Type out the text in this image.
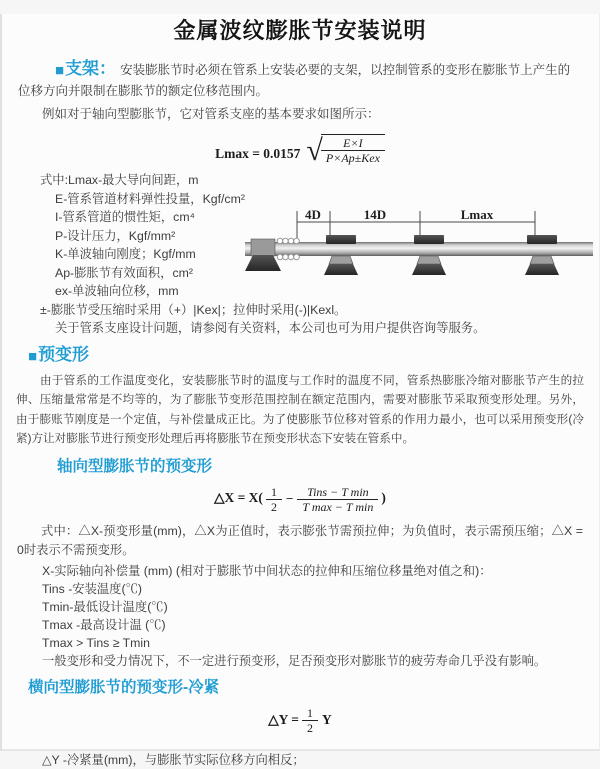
金属波纹膨胀节安装说明

■支架： 安装膨胀节时必须在管系上安装必要的支架，以控制管系的变形在膨胀节上产生的位移方向并限制在膨胀节的额定位移范围内。

例如对于轴向型膨胀节，它对管系支座的基本要求如图所示：

Lmax = 0.0157 √
$\frac{E\times I}{\text{P×Ap±Kex}}$

式中:Lmax-最大导向间距，m

E-管系管道材料弹性投量，Kgf/cm²

I-管系管道的惯性矩，cm⁴

P-设计压力，Kgf/mm²

K-单波轴向刚度；Kgf/mm

Ap-膨胀节有效面积，cm²

ex-单波轴向位移，mm

±-膨胀节受压缩时采用（+）|Kex|；拉伸时采用(-)|Kexl。

关于管系支座设计问题，请参阅有关资料，本公司也可为用户提供咨询等服务。

4D	14D	Lmax
■预变形

由于管系的工作温度变化，安装膨胀节时的温度与工作时的温度不同，管系热膨胀冷缩对膨胀节产生的拉伸、压缩量常常是不均等的，为了膨胀节变形范围控制在额定范围内，需要对膨胀节采取预变形处理。另外，由于膨账节刚度是一个定值，与补偿量成正比。为了使膨胀节位移对管系的作用力最小，也可以采用预变形(冷紧)方让对膨胀节进行预变形处理后再将膨胀节在预变形状态下安装在管系中。

轴向型膨胀节的预变形
△X = $X( \frac{1}{2} - \frac{\text{Tins − T min}}{\text{T max − T min}}$ )

式中：△X-预变形量(mm)，△X为正值时，表示膨张节需预拉伸；为负值时，表示需预压缩；△X = 0时表示不需预变形。

X-实际轴向补偿量 (mm) (相对于膨胀节中间状态的拉伸和压缩位移量绝对值之和)：

Tins -安装温度(℃)

Tmin-最低设计温度(℃)

Tmax -最高设计温 (℃)

Tmax > Tins ≥ Tmin

一般变形和受力情况下，不一定进行预变形，足否预变形对膨胀节的疲劳寿命几乎没有影响。

横向型膨胀节的预变形-冷紧
△Y = $\frac{1}{2}$ Y

△Y -冷紧量(mm)，与膨胀节实际位移方向相反；
